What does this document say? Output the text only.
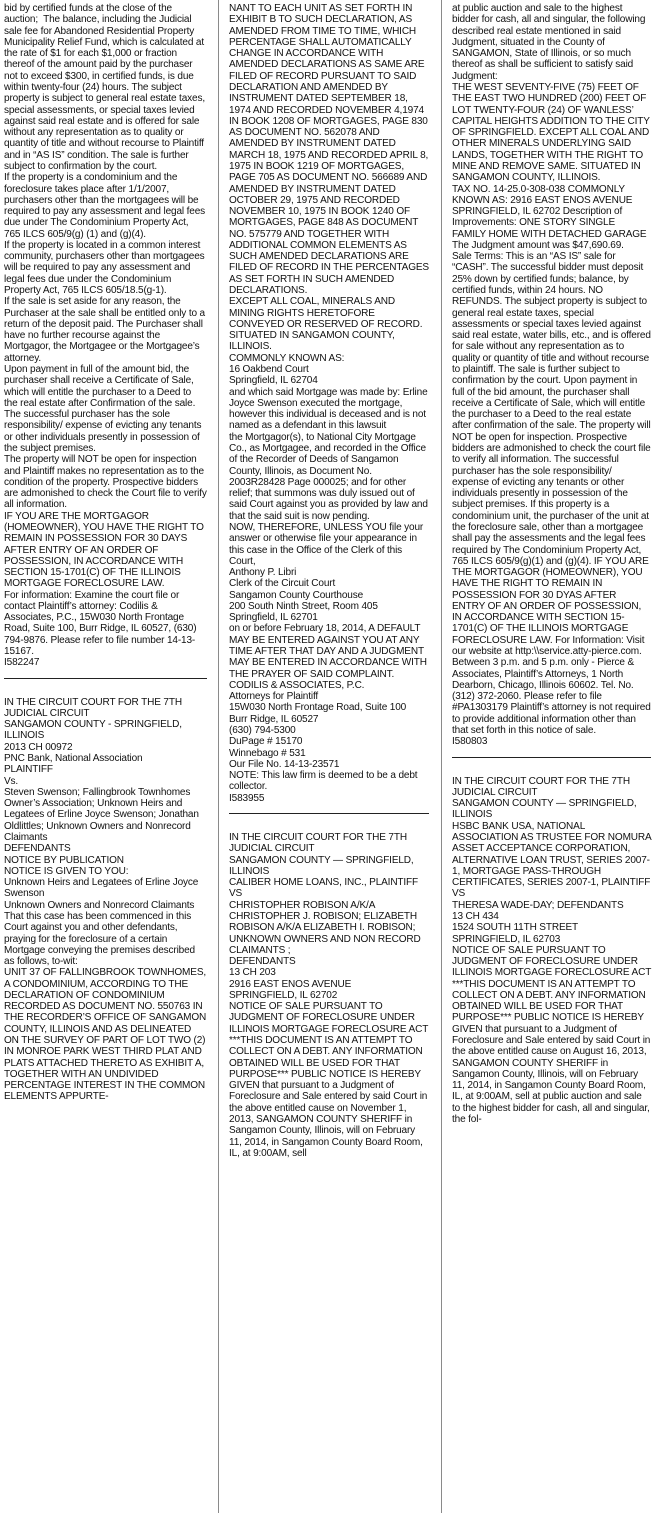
bid by certified funds at the close of the auction;  The balance, including the Judicial sale fee for Abandoned Residential Property Municipality Relief Fund, which is calculated at the rate of $1 for each $1,000 or fraction thereof of the amount paid by the purchaser not to exceed $300, in certified funds, is due within twenty-four (24) hours. The subject property is subject to general real estate taxes, special assessments, or special taxes levied against said real estate and is offered for sale without any representation as to quality or quantity of title and without recourse to Plaintiff and in “AS IS” condition. The sale is further subject to confirmation by the court.
If the property is a condominium and the foreclosure takes place after 1/1/2007, purchasers other than the mortgagees will be required to pay any assessment and legal fees due under The Condominium Property Act, 765 ILCS 605/9(g) (1) and (g)(4).
If the property is located in a common interest community, purchasers other than mortgagees will be required to pay any assessment and legal fees due under the Condominium Property Act, 765 ILCS 605/18.5(g-1).
If the sale is set aside for any reason, the Purchaser at the sale shall be entitled only to a return of the deposit paid. The Purchaser shall have no further recourse against the Mortgagor, the Mortgagee or the Mortgagee’s attorney.
Upon payment in full of the amount bid, the purchaser shall receive a Certificate of Sale, which will entitle the purchaser to a Deed to the real estate after Confirmation of the sale.  The successful purchaser has the sole responsibility/ expense of evicting any tenants or other individuals presently in possession of the subject premises.
The property will NOT be open for inspection and Plaintiff makes no representation as to the condition of the property. Prospective bidders are admonished to check the Court file to verify all information.
IF YOU ARE THE MORTGAGOR (HOMEOWNER), YOU HAVE THE RIGHT TO REMAIN IN POSSESSION FOR 30 DAYS AFTER ENTRY OF AN ORDER OF POSSESSION, IN ACCORDANCE WITH SECTION 15-1701(C) OF THE ILLINOIS MORTGAGE FORECLOSURE LAW.
For information: Examine the court file or contact Plaintiff’s attorney: Codilis & Associates, P.C., 15W030 North Frontage Road, Suite 100, Burr Ridge, IL 60527, (630) 794-9876. Please refer to file number 14-13-15167.
I582247
IN THE CIRCUIT COURT FOR THE 7TH JUDICIAL CIRCUIT
SANGAMON COUNTY - SPRINGFIELD, ILLINOIS
2013 CH 00972
PNC Bank, National Association
PLAINTIFF
Vs.
Steven Swenson; Fallingbrook Townhomes Owner’s Association; Unknown Heirs and Legatees of Erline Joyce Swenson; Jonathan Oldlittles; Unknown Owners and Nonrecord Claimants
DEFENDANTS
NOTICE BY PUBLICATION
NOTICE IS GIVEN TO YOU:
Unknown Heirs and Legatees of Erline Joyce Swenson
Unknown Owners and Nonrecord Claimants
That this case has been commenced in this Court against you and other defendants, praying for the foreclosure of a certain Mortgage conveying the premises described as follows, to-wit:
UNIT 37 OF FALLINGBROOK TOWNHOMES, A CONDOMINIUM, ACCORDING TO THE DECLARATION OF CONDOMINIUM RECORDED AS DOCUMENT NO. 550763 IN THE RECORDER’S OFFICE OF SANGAMON COUNTY, ILLINOIS AND AS DELINEATED ON THE SURVEY OF PART OF LOT TWO (2) IN MONROE PARK WEST THIRD PLAT AND PLATS ATTACHED THERETO AS EXHIBIT A, TOGETHER WITH AN UNDIVIDED PERCENTAGE INTEREST IN THE COMMON ELEMENTS APPURTE-
NANT TO EACH UNIT AS SET FORTH IN EXHIBIT B TO SUCH DECLARATION, AS AMENDED FROM TIME TO TIME, WHICH PERCENTAGE SHALL AUTOMATICALLY CHANGE IN ACCORDANCE WITH AMENDED DECLARATIONS AS SAME ARE FILED OF RECORD PURSUANT TO SAID DECLARATION AND AMENDED BY INSTRUMENT DATED SEPTEMBER 18, 1974 AND RECORDED NOVEMBER 4,1974 IN BOOK 1208 OF MORTGAGES, PAGE 830 AS DOCUMENT NO. 562078 AND AMENDED BY INSTRUMENT DATED MARCH 18, 1975 AND RECORDED APRIL 8, 1975 IN BOOK 1219 OF MORTGAGES, PAGE 705 AS DOCUMENT NO. 566689 AND AMENDED BY INSTRUMENT DATED OCTOBER 29, 1975 AND RECORDED NOVEMBER 10, 1975 IN BOOK 1240 OF MORTGAGES, PAGE 848 AS DOCUMENT NO. 575779 AND TOGETHER WITH ADDITIONAL COMMON ELEMENTS AS SUCH AMENDED DECLARATIONS ARE FILED OF RECORD IN THE PERCENTAGES AS SET FORTH IN SUCH AMENDED DECLARATIONS.
EXCEPT ALL COAL, MINERALS AND MINING RIGHTS HERETOFORE CONVEYED OR RESERVED OF RECORD.  SITUATED IN SANGAMON COUNTY, ILLINOIS.
COMMONLY KNOWN AS:
16 Oakbend Court
Springfield, IL 62704
and which said Mortgage was made by: Erline Joyce Swenson executed the mortgage, however this individual is deceased and is not named as a defendant in this lawsuit
the Mortgagor(s), to National City Mortgage Co., as Mortgagee, and recorded in the Office of the Recorder of Deeds of Sangamon County, Illinois, as Document No. 2003R28428 Page 000025; and for other relief; that summons was duly issued out of said Court against you as provided by law and that the said suit is now pending.
NOW, THEREFORE, UNLESS YOU file your answer or otherwise file your appearance in this case in the Office of the Clerk of this Court,
Anthony P. Libri
Clerk of the Circuit Court
Sangamon County Courthouse
200 South Ninth Street, Room 405
Springfield, IL 62701
on or before February 18, 2014, A DEFAULT MAY BE ENTERED AGAINST YOU AT ANY TIME AFTER THAT DAY AND A JUDGMENT MAY BE ENTERED IN ACCORDANCE WITH THE PRAYER OF SAID COMPLAINT.
CODILIS & ASSOCIATES, P.C.
Attorneys for Plaintiff
15W030 North Frontage Road, Suite 100
Burr Ridge, IL 60527
(630) 794-5300
DuPage # 15170
Winnebago # 531
Our File No. 14-13-23571
NOTE: This law firm is deemed to be a debt collector.
I583955
IN THE CIRCUIT COURT FOR THE 7TH JUDICIAL CIRCUIT
SANGAMON COUNTY — SPRINGFIELD, ILLINOIS
CALIBER HOME LOANS, INC., PLAINTIFF
VS
CHRISTOPHER ROBISON A/K/A CHRISTOPHER J. ROBISON; ELIZABETH ROBISON A/K/A ELIZABETH I. ROBISON; UNKNOWN OWNERS AND NON RECORD CLAIMANTS ;
DEFENDANTS
13 CH 203
2916 EAST ENOS AVENUE
SPRINGFIELD, IL 62702
NOTICE OF SALE PURSUANT TO JUDGMENT OF FORECLOSURE UNDER ILLINOIS MORTGAGE FORECLOSURE ACT ***THIS DOCUMENT IS AN ATTEMPT TO COLLECT ON A DEBT. ANY INFORMATION OBTAINED WILL BE USED FOR THAT PURPOSE*** PUBLIC NOTICE IS HEREBY GIVEN that pursuant to a Judgment of Foreclosure and Sale entered by said Court in the above entitled cause on November 1, 2013, SANGAMON COUNTY SHERIFF in Sangamon County, Illinois, will on February 11, 2014, in Sangamon County Board Room, IL, at 9:00AM, sell
at public auction and sale to the highest bidder for cash, all and singular, the following described real estate mentioned in said Judgment, situated in the County of SANGAMON, State of Illinois, or so much thereof as shall be sufficient to satisfy said Judgment:
THE WEST SEVENTY-FIVE (75) FEET OF THE EAST TWO HUNDRED (200) FEET OF LOT TWENTY-FOUR (24) OF WANLESS’ CAPITAL HEIGHTS ADDITION TO THE CITY OF SPRINGFIELD. EXCEPT ALL COAL AND OTHER MINERALS UNDERLYING SAID LANDS, TOGETHER WITH THE RIGHT TO MINE AND REMOVE SAME. SITUATED IN SANGAMON COUNTY, ILLINOIS.
TAX NO. 14-25.0-308-038 COMMONLY KNOWN AS: 2916 EAST ENOS AVENUE SPRINGFIELD, IL 62702 Description of Improvements: ONE STORY SINGLE FAMILY HOME WITH DETACHED GARAGE The Judgment amount was $47,690.69.
Sale Terms: This is an “AS IS” sale for “CASH”. The successful bidder must deposit 25% down by certified funds; balance, by certified funds, within 24 hours. NO REFUNDS. The subject property is subject to general real estate taxes, special assessments or special taxes levied against said real estate, water bills, etc., and is offered for sale without any representation as to quality or quantity of title and without recourse to plaintiff. The sale is further subject to confirmation by the court. Upon payment in full of the bid amount, the purchaser shall receive a Certificate of Sale, which will entitle the purchaser to a Deed to the real estate after confirmation of the sale. The property will NOT be open for inspection. Prospective bidders are admonished to check the court file to verify all information. The successful purchaser has the sole responsibility/ expense of evicting any tenants or other individuals presently in possession of the subject premises. If this property is a condominium unit, the purchaser of the unit at the foreclosure sale, other than a mortgagee shall pay the assessments and the legal fees required by The Condominium Property Act, 765 ILCS 605/9(g)(1) and (g)(4). IF YOU ARE THE MORTGAGOR (HOMEOWNER), YOU HAVE THE RIGHT TO REMAIN IN POSSESSION FOR 30 DYAS AFTER ENTRY OF AN ORDER OF POSSESSION, IN ACCORDANCE WITH SECTION 15-1701(C) OF THE ILLINOIS MORTGAGE FORECLOSURE LAW. For Information: Visit our website at http:\\service.atty-pierce.com. Between 3 p.m. and 5 p.m. only - Pierce & Associates, Plaintiff’s Attorneys, 1 North Dearborn, Chicago, Illinois 60602. Tel. No. (312) 372-2060. Please refer to file #PA1303179 Plaintiff’s attorney is not required to provide additional information other than that set forth in this notice of sale.
I580803
IN THE CIRCUIT COURT FOR THE 7TH JUDICIAL CIRCUIT
SANGAMON COUNTY — SPRINGFIELD, ILLINOIS
HSBC BANK USA, NATIONAL ASSOCIATION AS TRUSTEE FOR NOMURA ASSET ACCEPTANCE CORPORATION, ALTERNATIVE LOAN TRUST, SERIES 2007-1, MORTGAGE PASS-THROUGH CERTIFICATES, SERIES 2007-1, PLAINTIFF
VS
THERESA WADE-DAY; DEFENDANTS
13 CH 434
1524 SOUTH 11TH STREET
SPRINGFIELD, IL 62703
NOTICE OF SALE PURSUANT TO JUDGMENT OF FORECLOSURE UNDER ILLINOIS MORTGAGE FORECLOSURE ACT ***THIS DOCUMENT IS AN ATTEMPT TO COLLECT ON A DEBT. ANY INFORMATION OBTAINED WILL BE USED FOR THAT PURPOSE*** PUBLIC NOTICE IS HEREBY GIVEN that pursuant to a Judgment of Foreclosure and Sale entered by said Court in the above entitled cause on August 16, 2013, SANGAMON COUNTY SHERIFF in Sangamon County, Illinois, will on February 11, 2014, in Sangamon County Board Room, IL, at 9:00AM, sell at public auction and sale to the highest bidder for cash, all and singular, the fol-
